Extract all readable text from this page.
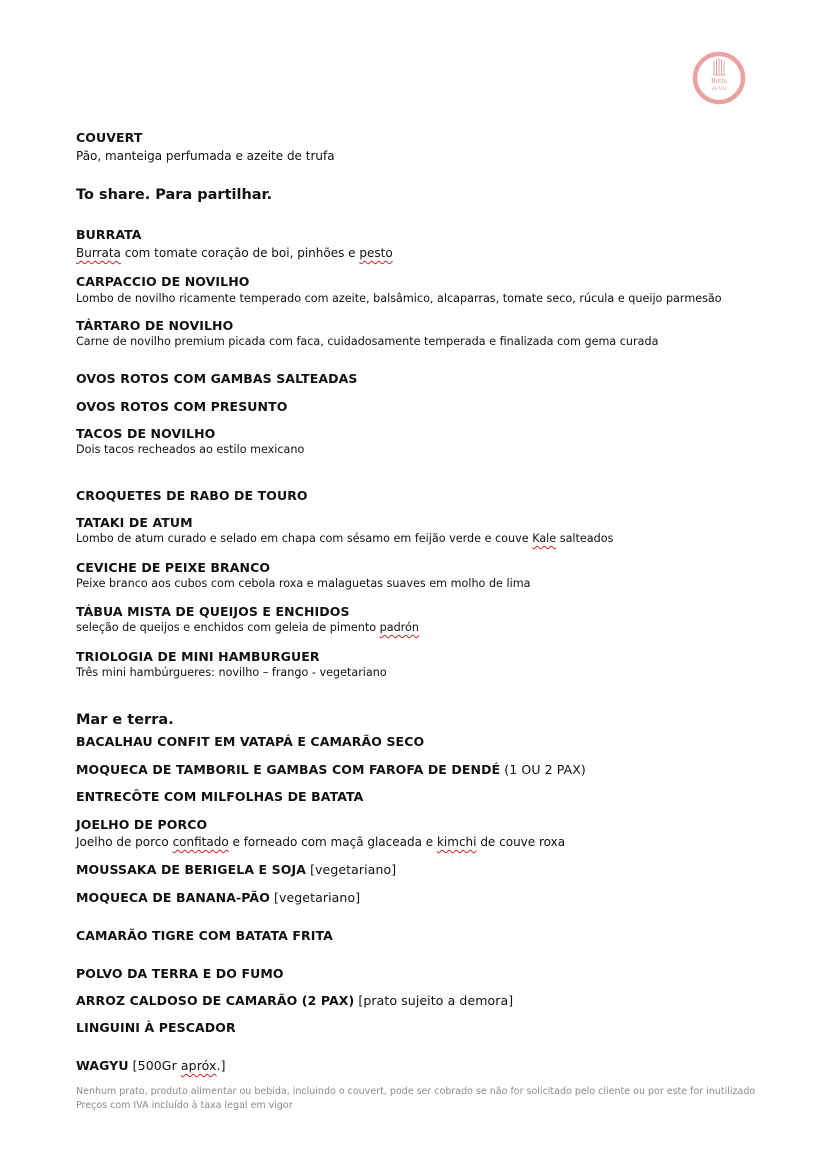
Botts
de Vin
COUVERT
Pão, manteiga perfumada e azeite de trufa
To share. Para partilhar.
BURRATA
Burrata com tomate coração de boi, pinhões e pesto
CARPACCIO DE NOVILHO
Lombo de novilho ricamente temperado com azeite, balsâmico, alcaparras, tomate seco, rúcula e queijo parmesão
TÁRTARO DE NOVILHO
Carne de novilho premium picada com faca, cuidadosamente temperada e finalizada com gema curada
OVOS ROTOS COM GAMBAS SALTEADAS
OVOS ROTOS COM PRESUNTO
TACOS DE NOVILHO
Dois tacos recheados ao estilo mexicano
CROQUETES DE RABO DE TOURO
TATAKI DE ATUM
Lombo de atum curado e selado em chapa com sésamo em feijão verde e couve Kale salteados
CEVICHE DE PEIXE BRANCO
Peixe branco aos cubos com cebola roxa e malaguetas suaves em molho de lima
TÁBUA MISTA DE QUEIJOS E ENCHIDOS
seleção de queijos e enchidos com geleia de pimento padrón
TRIOLOGIA DE MINI HAMBURGUER
Três mini hambúrgueres: novilho – frango - vegetariano
Mar e terra.
BACALHAU CONFIT EM VATAPÁ E CAMARÃO SECO
MOQUECA DE TAMBORIL E GAMBAS COM FAROFA DE DENDÉ (1 OU 2 PAX)
ENTRECÔTE COM MILFOLHAS DE BATATA
JOELHO DE PORCO
Joelho de porco confitado e forneado com maçã glaceada e kimchi de couve roxa
MOUSSAKA DE BERIGELA E SOJA [vegetariano]
MOQUECA DE BANANA-PÃO [vegetariano]
CAMARÃO TIGRE COM BATATA FRITA
POLVO DA TERRA E DO FUMO
ARROZ CALDOSO DE CAMARÃO (2 PAX) [prato sujeito a demora]
LINGUINI À PESCADOR
WAGYU [500Gr apróx.]
Nenhum prato, produto alimentar ou bebida, incluindo o couvert, pode ser cobrado se não for solicitado pelo cliente ou por este for inutilizado
Preços com IVA incluído à taxa legal em vigor
